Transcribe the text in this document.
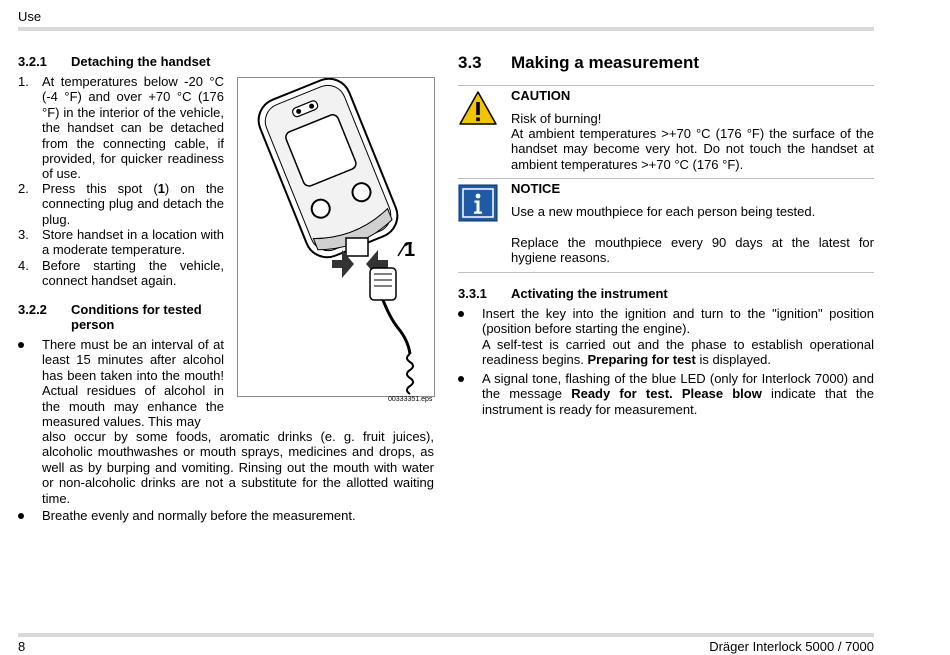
Use
3.2.1 Detaching the handset
1. At temperatures below -20 °C (-4 °F) and over +70 °C (176 °F) in the interior of the vehicle, the handset can be detached from the connecting cable, if provided, for quicker readiness of use.
2. Press this spot (1) on the connecting plug and detach the plug.
3. Store handset in a location with a moderate temperature.
4. Before starting the vehicle, connect handset again.
3.2.2 Conditions for tested
person
There must be an interval of at least 15 minutes after alcohol has been taken into the mouth! Actual residues of alcohol in the mouth may enhance the measured values. This may
also occur by some foods, aromatic drinks (e. g. fruit juices), alcoholic mouthwashes or mouth sprays, medicines and drops, as well as by burping and vomiting. Rinsing out the mouth with water or non-alcoholic drinks are not a substitute for the allotted waiting time.
Breathe evenly and normally before the measurement.
1
00333351.eps
3.3 Making a measurement
CAUTION

Risk of burning!

At ambient temperatures >+70 °C (176 °F) the surface of the handset may become very hot. Do not touch the handset at ambient temperatures >+70 °C (176 °F).

NOTICE

Use a new mouthpiece for each person being tested.

Replace the mouthpiece every 90 days at the latest for hygiene reasons.

3.3.1 Activating the instrument
Insert the key into the ignition and turn to the "ignition" position (position before starting the engine).
A self-test is carried out and the phase to establish operational readiness begins. Preparing for test is displayed.
A signal tone, flashing of the blue LED (only for Interlock 7000) and the message Ready for test. Please blow indicate that the instrument is ready for measurement.
8	Dräger Interlock 5000 / 7000
